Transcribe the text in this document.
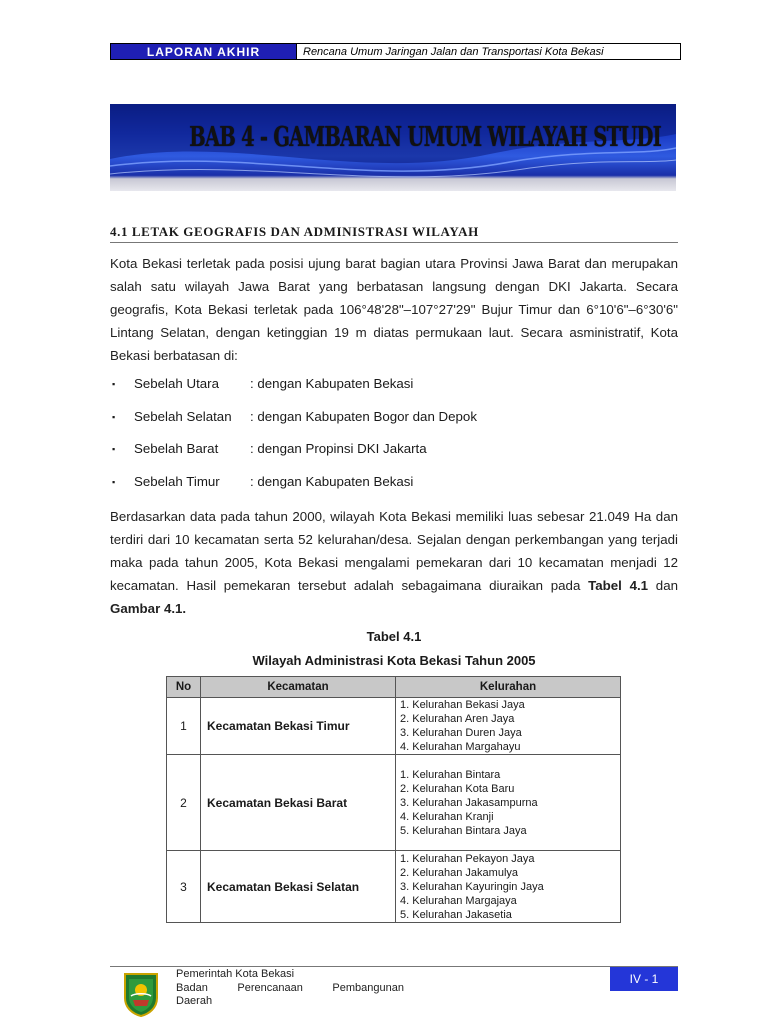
LAPORAN AKHIR	Rencana Umum Jaringan Jalan dan Transportasi Kota Bekasi
BAB 4 - GAMBARAN UMUM WILAYAH STUDI
4.1 LETAK GEOGRAFIS DAN ADMINISTRASI WILAYAH
Kota Bekasi terletak pada posisi ujung barat bagian utara Provinsi Jawa Barat dan merupakan salah satu wilayah Jawa Barat yang berbatasan langsung dengan DKI Jakarta. Secara geografis, Kota Bekasi terletak pada 106°48'28"–107°27'29" Bujur Timur dan 6°10'6"–6°30'6" Lintang Selatan, dengan ketinggian 19 m diatas permukaan laut. Secara asministratif, Kota Bekasi berbatasan di:
▪	Sebelah Utara	: dengan Kabupaten Bekasi
▪	Sebelah Selatan	: dengan Kabupaten Bogor dan Depok
▪	Sebelah Barat	: dengan Propinsi DKI Jakarta
▪	Sebelah Timur	: dengan Kabupaten Bekasi
Berdasarkan data pada tahun 2000, wilayah Kota Bekasi memiliki luas sebesar 21.049 Ha dan terdiri dari 10 kecamatan serta 52 kelurahan/desa. Sejalan dengan perkembangan yang terjadi maka pada tahun 2005, Kota Bekasi mengalami pemekaran dari 10 kecamatan menjadi 12 kecamatan. Hasil pemekaran tersebut adalah sebagaimana diuraikan pada Tabel 4.1 dan Gambar 4.1.
Tabel 4.1
Wilayah Administrasi Kota Bekasi Tahun 2005
No	Kecamatan	Kelurahan
1	Kecamatan Bekasi Timur	1. Kelurahan Bekasi Jaya
2. Kelurahan Aren Jaya
3. Kelurahan Duren Jaya
4. Kelurahan Margahayu

2	Kecamatan Bekasi Barat	1. Kelurahan Bintara
2. Kelurahan Kota Baru
3. Kelurahan Jakasampurna
4. Kelurahan Kranji
5. Kelurahan Bintara Jaya

3	Kecamatan Bekasi Selatan	1. Kelurahan Pekayon Jaya
2. Kelurahan Jakamulya
3. Kelurahan Kayuringin Jaya
4. Kelurahan Margajaya
5. Kelurahan Jakasetia
Pemerintah Kota Bekasi
Badan	Perencanaan	Pembangunan
Daerah
IV - 1
